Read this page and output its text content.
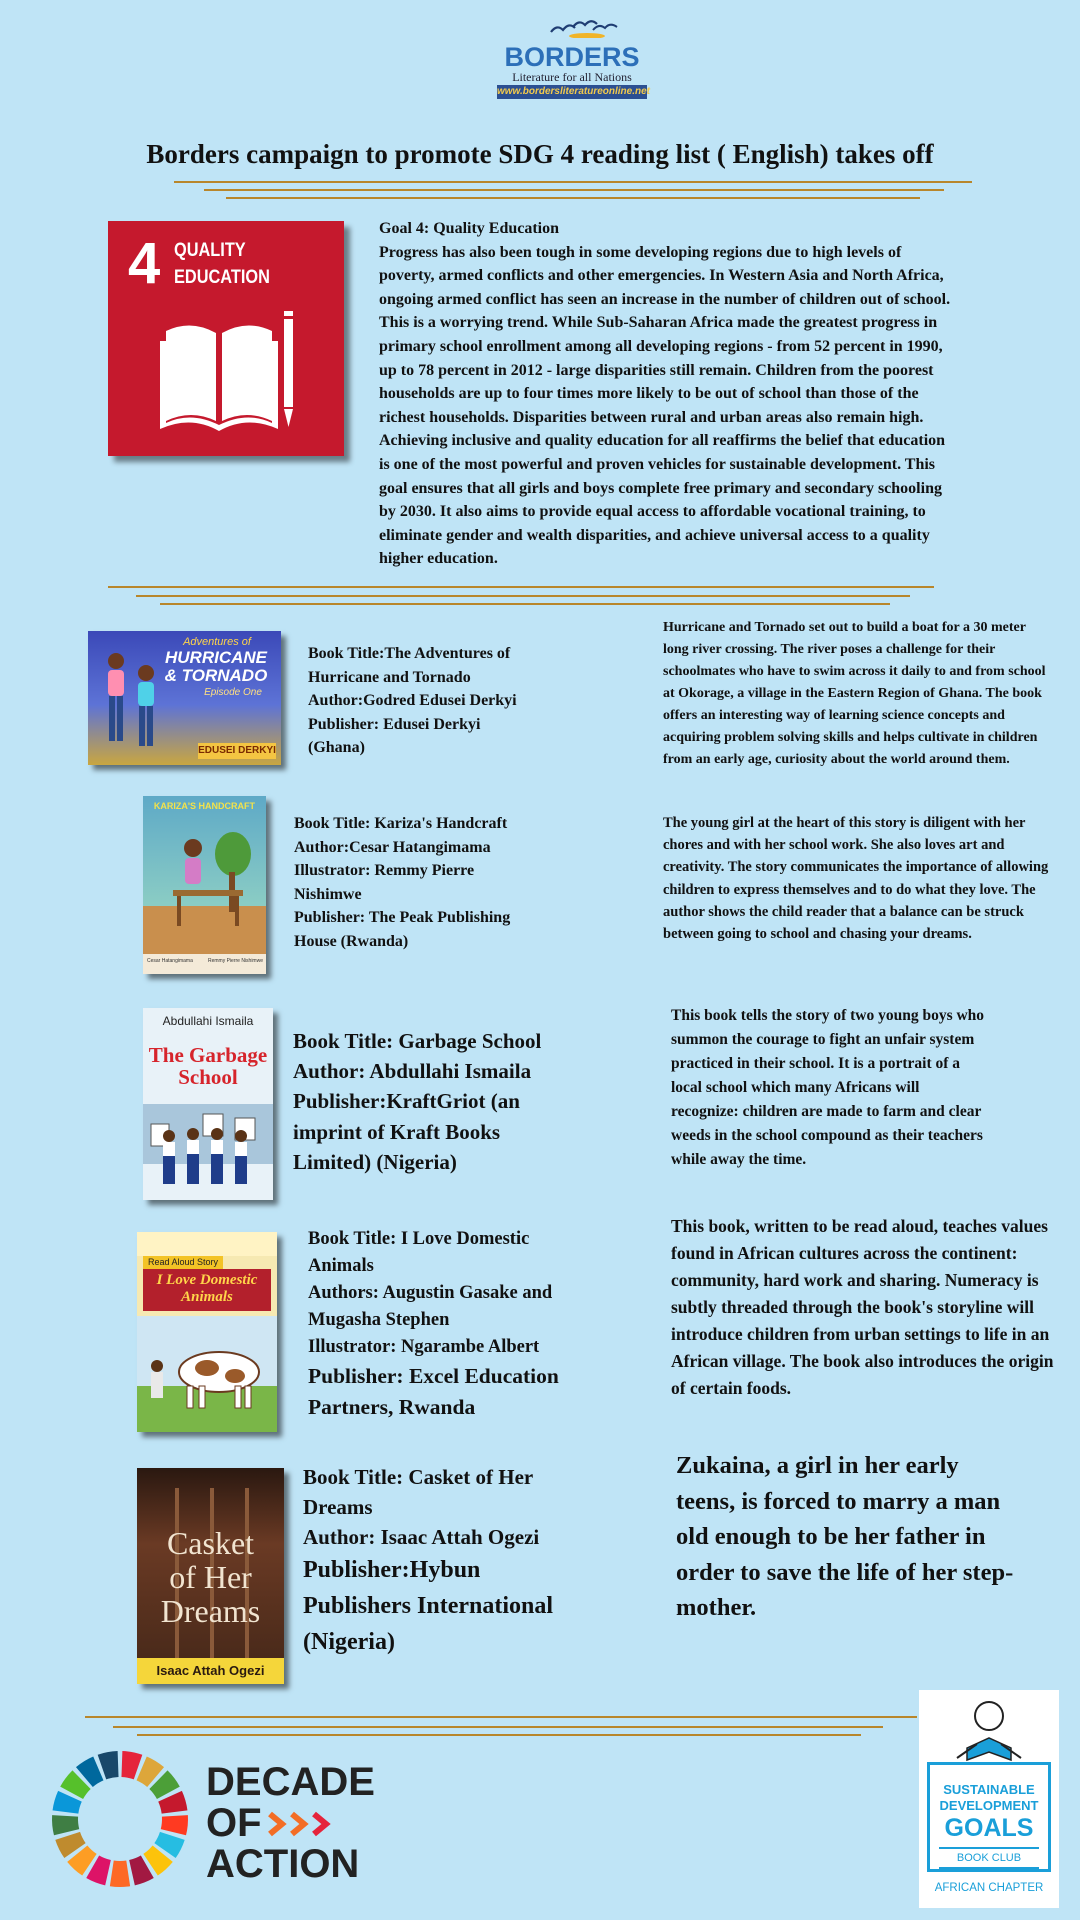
BORDERS
Literature for all Nations
www.bordersliteratureonline.net
Borders campaign to promote SDG 4 reading list ( English) takes off
4 QUALITY
EDUCATION
Goal 4: Quality Education
Progress has also been tough in some developing regions due to high levels of poverty, armed conflicts and other emergencies. In Western Asia and North Africa, ongoing armed conflict has seen an increase in the number of children out of school. This is a worrying trend. While Sub-Saharan Africa made the greatest progress in primary school enrollment among all developing regions - from 52 percent in 1990, up to 78 percent in 2012 - large disparities still remain. Children from the poorest households are up to four times more likely to be out of school than those of the richest households. Disparities between rural and urban areas also remain high. Achieving inclusive and quality education for all reaffirms the belief that education is one of the most powerful and proven vehicles for sustainable development. This goal ensures that all girls and boys complete free primary and secondary schooling by 2030. It also aims to provide equal access to affordable vocational training, to eliminate gender and wealth disparities, and achieve universal access to a quality higher education.
Adventures of
HURRICANE
& TORNADO
Episode One
EDUSEI DERKYI
Book Title:The Adventures of Hurricane and Tornado
Author:Godred Edusei Derkyi
Publisher: Edusei Derkyi (Ghana)
Hurricane and Tornado set out to build a boat for a 30 meter long river crossing. The river poses a challenge for their schoolmates who have to swim across it daily to and from school at Okorage, a village in the Eastern Region of Ghana. The book offers an interesting way of learning science concepts and acquiring problem solving skills and helps cultivate in children from an early age, curiosity about the world around them.
KARIZA'S HANDCRAFT
Cesar Hatangimama	Remmy Pierre Nishimwe
Book Title: Kariza's Handcraft
Author:Cesar Hatangimama
Illustrator: Remmy Pierre Nishimwe
Publisher: The Peak Publishing House (Rwanda)
The young girl at the heart of this story is diligent with her chores and with her school work. She also loves art and creativity. The story communicates the importance of allowing children to express themselves and to do what they love. The author shows the child reader that a balance can be struck between going to school and chasing your dreams.
Abdullahi Ismaila
The Garbage
School
Book Title: Garbage School
Author: Abdullahi Ismaila
Publisher:KraftGriot (an imprint of Kraft Books Limited) (Nigeria)
This book tells the story of two young boys who summon the courage to fight an unfair system practiced in their school. It is a portrait of a local school which many Africans will recognize: children are made to farm and clear weeds in the school compound as their teachers while away the time.
Read Aloud Story
I Love Domestic
Animals
Book Title: I Love Domestic Animals
Authors: Augustin Gasake and Mugasha Stephen
Illustrator: Ngarambe Albert
Publisher: Excel Education Partners, Rwanda
This book, written to be read aloud, teaches values found in African cultures across the continent: community, hard work and sharing. Numeracy is subtly threaded through the book's storyline will introduce children from urban settings to life in an African village. The book also introduces the origin of certain foods.
Casket
of Her
Dreams
Isaac Attah Ogezi
Book Title: Casket of Her Dreams
Author: Isaac Attah Ogezi
Publisher:Hybun Publishers International (Nigeria)
Zukaina, a girl in her early teens, is forced to marry a man old enough to be her father in order to save the life of her step-mother.
DECADE
OF
ACTION
SUSTAINABLE
DEVELOPMENT
GOALS
BOOK CLUB
AFRICAN CHAPTER
